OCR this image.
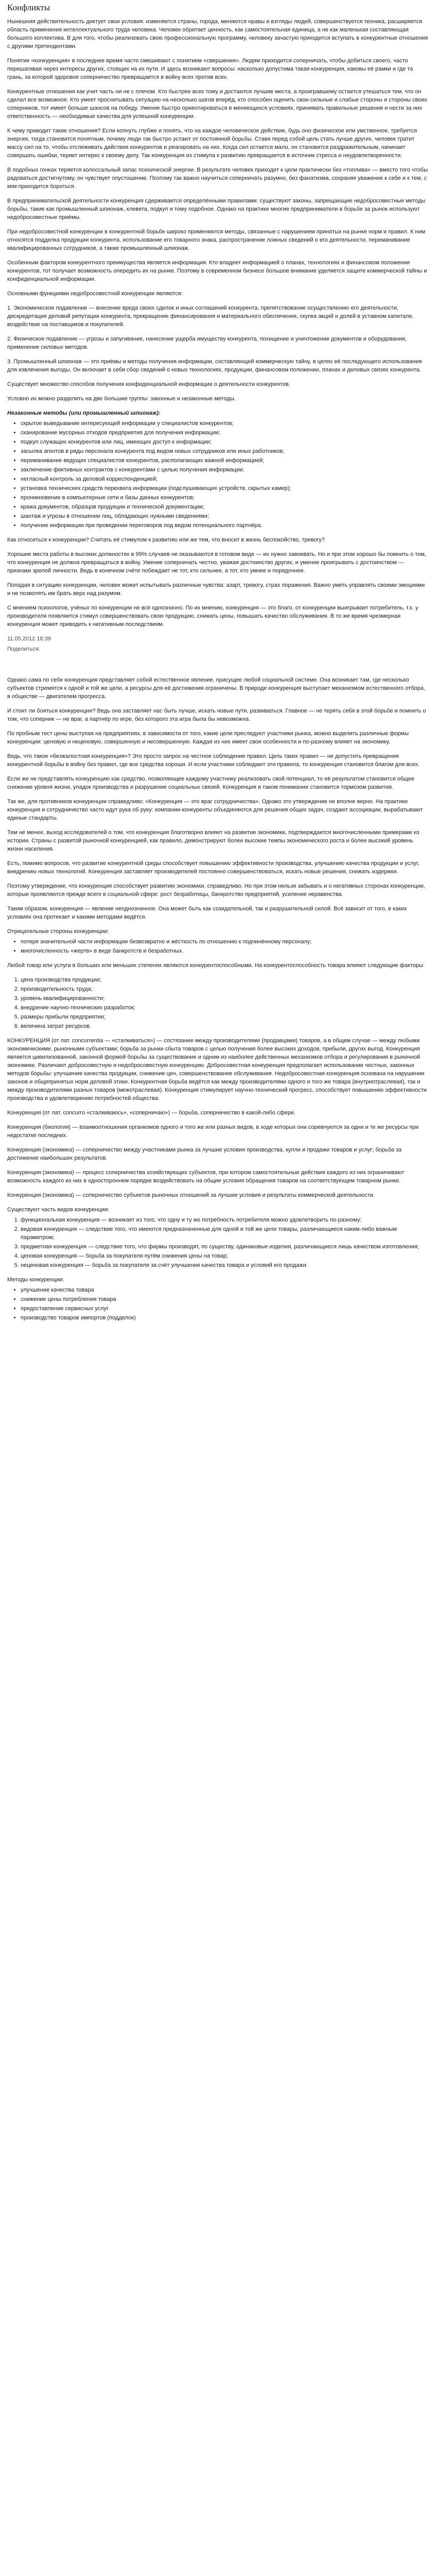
Конфликты

Нынешняя действительность диктует свои условия: изменяется страны, города, меняются нравы и взгляды людей, совершенствуется техника, расширяется область применения интеллектуального труда человека. Человек обретает ценность, как самостоятельная единица, а не как маленькая составляющая большого коллектива. В для того, чтобы реализовать свою профессиональную программу, человеку зачастую приходится вступать в конкурентные отношения с другими претендентами.

Понятие «конкуренция» в последнее время часто смешивают с понятием «свершения». Людям приходится соперничать, чтобы добиться своего, часто перешагивая через интересы других, стоящих на их пути. И здесь возникают вопросы: насколько допустима такая конкуренция, каковы её рамки и где та грань, за которой здоровое соперничество превращается в войну всех против всех.

Конкурентные отношения как учит часть ни не с плечом. Кто быстрее всех тому и достаются лучшие места, а проигравшему остается утешаться тем, что он сделал все возможное. Кто умеет просчитывать ситуацию на несколько шагов вперёд, кто способен оценить свои сильные и слабые стороны и стороны своих соперников, тот имеет больше шансов на победу. Умение быстро ориентироваться в меняющихся условиях, принимать правильные решения и нести за них ответственность — необходимые качества для успешной конкуренции.

К чему приводит такие отношения? Если копнуть глубже и понять, что на каждое человеческое действие, будь оно физическое или умственное, требуется энергия, тогда становится понятным, почему люди так быстро устают от постоянной борьбы. Ставя перед собой цель стать лучше других, человек тратит массу сил на то, чтобы отслеживать действия конкурентов и реагировать на них. Когда сил остается мало, он становится раздражительным, начинает совершать ошибки, теряет интерес к своему делу. Так конкуренция из стимула к развитию превращается в источник стресса и неудовлетворенности.

В подобных гонках теряется колоссальный запас психической энергии. В результате человек приходит к цели практически без «топлива» — вместо того чтобы радоваться достигнутому, он чувствует опустошение. Поэтому так важно научиться соперничать разумно, без фанатизма, сохраняя уважение к себе и к тем, с кем приходится бороться.

В предпринимательской деятельности конкуренция сдерживается определёнными правилами: существуют законы, запрещающие недобросовестные методы борьбы, такие как промышленный шпионаж, клевета, подкуп и тому подобное. Однако на практике многие предприниматели в борьбе за рынок используют недобросовестные приёмы.

При недобросовестной конкуренции в конкурентной борьбе широко применяются методы, связанные с нарушением принятых на рынке норм и правил. К ним относятся подделка продукции конкурента, использование его товарного знака, распространение ложных сведений о его деятельности, переманивание квалифицированных сотрудников, а также промышленный шпионаж.

Особенным фактором конкурентного преимущества является информация. Кто владеет информацией о планах, технологиях и финансовом положении конкурентов, тот получает возможность опередить их на рынке. Поэтому в современном бизнесе большое внимание уделяется защите коммерческой тайны и конфиденциальной информации.

Основными функциями недобросовестной конкуренции являются:

1. Экономическое подавление — внесение вреда своих сделок и иных соглашений конкурента, препятствование осуществлению его деятельности, дискредитация деловой репутации конкурента, прекращение финансирования и материального обеспечения, скупка акций и долей в уставном капитале, воздействие на поставщиков и покупателей.

2. Физическое подавление — угрозы и запугивание, нанесение ущерба имуществу конкурента, похищение и уничтожение документов и оборудования, применение силовых методов.

3. Промышленный шпионаж — это приёмы и методы получения информации, составляющей коммерческую тайну, в целях её последующего использования для извлечения выгоды. Он включает в себя сбор сведений о новых технологиях, продукции, финансовом положении, планах и деловых связях конкурента.

Существует множество способов получения конфиденциальной информации о деятельности конкурентов.

Условно их можно разделить на две большие группы: законные и незаконные методы.

Незаконные методы (или промышленный шпионаж):
• скрытое выведывание интересующей информации у специалистов конкурентов;
• сканирование мусорных отходов предприятия для получения информации;
• подкуп служащих конкурентов или лиц, имеющих доступ к информации;
• засылка агентов в ряды персонала конкурента под видом новых сотрудников или иных работников;
• переманивание ведущих специалистов конкурентов, располагающих важной информацией;
• заключение фиктивных контрактов с конкурентами с целью получения информации;
• негласный контроль за деловой корреспонденцией;
• установка технических средств перехвата информации (подслушивающих устройств, скрытых камер);
• проникновение в компьютерные сети и базы данных конкурентов;
• кража документов, образцов продукции и технической документации;
• шантаж и угрозы в отношении лиц, обладающих нужными сведениями;
• получение информации при проведении переговоров под видом потенциального партнёра.

Как относиться к конкуренции? Считать её стимулом к развитию или же тем, что вносит в жизнь беспокойство, тревогу?

Хорошие места работы в высоких должностях в 99% случаев не оказываются в готовом виде — их нужно завоевать. Но и при этом хорошо бы помнить о том, что конкуренция не должна превращаться в войну. Умение соперничать честно, уважая достоинство других, и умение проигрывать с достоинством — признаки зрелой личности. Ведь в конечном счёте побеждает не тот, кто сильнее, а тот, кто умнее и порядочнее.

Попадая в ситуацию конкуренции, человек может испытывать различные чувства: азарт, тревогу, страх поражения. Важно уметь управлять своими эмоциями и не позволять им брать верх над разумом.

С мнением психологов, учёных по конкуренции не всё однозначно. По их мнению, конкуренция — это благо, от конкуренции выигрывает потребитель, т.к. у производителя появляется стимул совершенствовать свою продукцию, снижать цены, повышать качество обслуживания. В то же время чрезмерная конкуренция может приводить к негативным последствиям.

11.05.2012 18:39
Поделиться:

Однако сама по себе конкуренция представляет собой естественное явление, присущее любой социальной системе. Она возникает там, где несколько субъектов стремятся к одной и той же цели, а ресурсы для её достижения ограничены. В природе конкуренция выступает механизмом естественного отбора, в обществе — двигателем прогресса.

И стоит ли бояться конкуренции? Ведь она заставляет нас быть лучше, искать новые пути, развиваться. Главное — не терять себя в этой борьбе и помнить о том, что соперник — не враг, а партнёр по игре, без которого эта игра была бы невозможна.

По пробным тест цены выступая на предприятиях, в зависимости от того, какие цели преследуют участники рынка, можно выделить различные формы конкуренции: ценовую и неценовую, совершенную и несовершенную. Каждая из них имеет свои особенности и по-разному влияет на экономику.

Ведь, что такое «безжалостная конкуренция»? Это просто запрос на честное соблюдение правил. Цель таких правил — не допустить превращения конкурентной борьбы в войну без правил, где все средства хороши. И если участники соблюдают эти правила, то конкуренция становится благом для всех.

Если же не представлять конкуренцию как средство, позволяющее каждому участнику реализовать свой потенциал, то её результатом становится общее снижение уровня жизни, упадок производства и разрушение социальных связей. Конкуренция в таком понимании становится тормозом развития.

Так же, для противников конкуренции справедливо: «Конкуренция — это враг сотрудничества». Однако это утверждение не вполне верно. На практике конкуренция и сотрудничество часто идут рука об руку: компании-конкуренты объединяются для решения общих задач, создают ассоциации, вырабатывают единые стандарты.

Тем не менее, выход исследователей о том, что конкуренция благотворно влияет на развитие экономики, подтверждается многочисленными примерами из истории. Страны с развитой рыночной конкуренцией, как правило, демонстрируют более высокие темпы экономического роста и более высокий уровень жизни населения.

Есть, помимо вопросов, что развитие конкурентной среды способствует повышению эффективности производства, улучшению качества продукции и услуг, внедрению новых технологий. Конкуренция заставляет производителей постоянно совершенствоваться, искать новые решения, снижать издержки.

Поэтому утверждение, что конкуренция способствует развитию экономики, справедливо. Но при этом нельзя забывать и о негативных сторонах конкуренции, которые проявляются прежде всего в социальной сфере: рост безработицы, банкротство предприятий, усиление неравенства.

Таким образом, конкуренция — явление неоднозначное. Она может быть как созидательной, так и разрушительной силой. Всё зависит от того, в каких условиях она протекает и какими методами ведётся.

Отрицательные стороны конкуренции:
• потеря значительной части информации безвозвратно и жёсткость по отношению к подчинённому персоналу;
• многочисленность «жертв» в виде банкротств и безработных.

Любой товар или услуга в больших или меньших степенях являются конкурентоспособными. На конкурентоспособность товара влияют следующие факторы:

1. цена производства продукции;
2. производительность труда;
3. уровень квалифицированности;
4. внедрение научно-технических разработок;
5. размеры прибыли предприятия;
6. величина затрат ресурсов.

КОНКУРЕНЦИЯ (от лат. concurrentia — «сталкиваться») — состязание между производителями (продавцами) товаров, а в общем случае — между любыми экономическими, рыночными субъектами; борьба за рынки сбыта товаров с целью получения более высоких доходов, прибыли, других выгод. Конкуренция является цивилизованной, законной формой борьбы за существование и одним из наиболее действенных механизмов отбора и регулирования в рыночной экономике. Различают добросовестную и недобросовестную конкуренцию. Добросовестная конкуренция предполагает использование честных, законных методов борьбы: улучшение качества продукции, снижение цен, совершенствование обслуживания. Недобросовестная конкуренция основана на нарушении законов и общепринятых норм деловой этики. Конкурентная борьба ведётся как между производителями одного и того же товара (внутриотраслевая), так и между производителями разных товаров (межотраслевая). Конкуренция стимулирует научно-технический прогресс, способствует повышению эффективности производства и удовлетворению потребностей общества.

Конкуренция (от лат. concurro «сталкиваюсь», «соперничаю») — борьба, соперничество в какой-либо сфере.

Конкуренция (биология) — взаимоотношения организмов одного и того же или разных видов, в ходе которых они соревнуются за одни и те же ресурсы при недостатке последних.

Конкуренция (экономика) — соперничество между участниками рынка за лучшие условия производства, купли и продажи товаров и услуг; борьба за достижение наибольших результатов.

Конкуренция (экономика) — процесс соперничества хозяйствующих субъектов, при котором самостоятельные действия каждого из них ограничивают возможность каждого из них в одностороннем порядке воздействовать на общие условия обращения товаров на соответствующем товарном рынке.

Конкуренция (экономика) — соперничество субъектов рыночных отношений за лучшие условия и результаты коммерческой деятельности.

Существуют часть видов конкуренции:
1. функциональная конкуренция — возникает из того, что одну и ту же потребность потребителя можно удовлетворить по-разному;
2. видовая конкуренция — следствие того, что имеются предназначенные для одной и той же цели товары, различающиеся каким-либо важным параметром;
3. предметная конкуренция — следствие того, что фирмы производят, по существу, одинаковые изделия, различающиеся лишь качеством изготовления;
4. ценовая конкуренция — борьба за покупателя путём снижения цены на товар;
5. неценовая конкуренция — борьба за покупателя за счёт улучшения качества товара и условий его продажи.
Методы конкуренции:
• улучшение качества товара
• снижение цены потребления товара
• предоставление сервисных услуг
• производство товаров импортов (подделок)
